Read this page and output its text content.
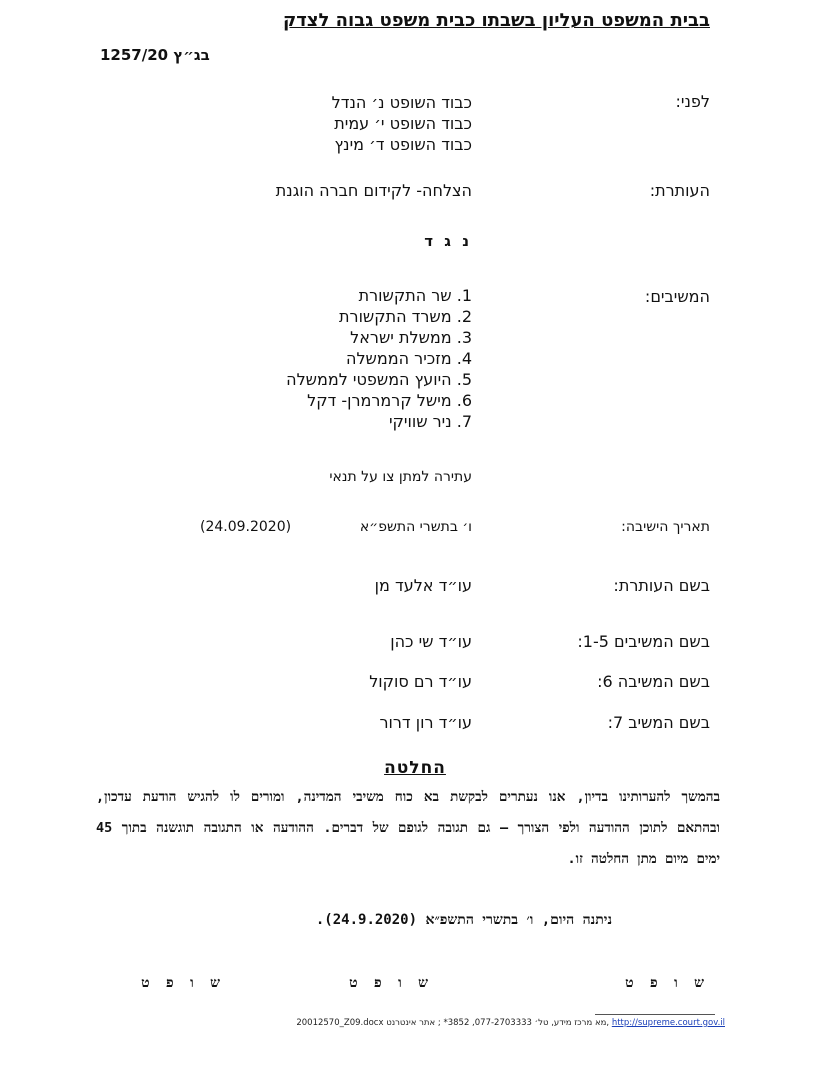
בבית המשפט העליון בשבתו כבית משפט גבוה לצדק
בג״ץ 1257/20
לפני:
כבוד השופט נ׳ הנדל
כבוד השופט י׳ עמית
כבוד השופט ד׳ מינץ
העותרת:
הצלחה- לקידום חברה הוגנת
נ ג ד
המשיבים:
1. שר התקשורת
2. משרד התקשורת
3. ממשלת ישראל
4. מזכיר הממשלה
5. היועץ המשפטי לממשלה
6. מישל קרמרמרן- דקל
7. ניר שוויקי
עתירה למתן צו על תנאי
תאריך הישיבה:
ו׳ בתשרי התשפ״א
(24.09.2020)
בשם העותרת:
עו״ד אלעד מן
בשם המשיבים 1-5:
עו״ד שי כהן
בשם המשיבה 6:
עו״ד רם סוקול
בשם המשיב 7:
עו״ד רון דרור
החלטה
בהמשך להערותינו בדיון, אנו נעתרים לבקשת בא כוח משיבי המדינה, ומורים לו להגיש הודעת עדכון, ובהתאם לתוכן ההודעה ולפי הצורך – גם תגובה לגופם של דברים. ההודעה או התגובה תוגשנה בתוך 45 ימים מיום מתן החלטה זו.
ניתנה היום, ו׳ בתשרי התשפ״א (24.9.2020).
ש ו פ ט
ש ו פ ט
ש ו פ ט
20012570_Z09.docx מא מרכז מידע, טל׳ 077-2703333, 3852* ; אתר אינטרנט, http://supreme.court.gov.il
